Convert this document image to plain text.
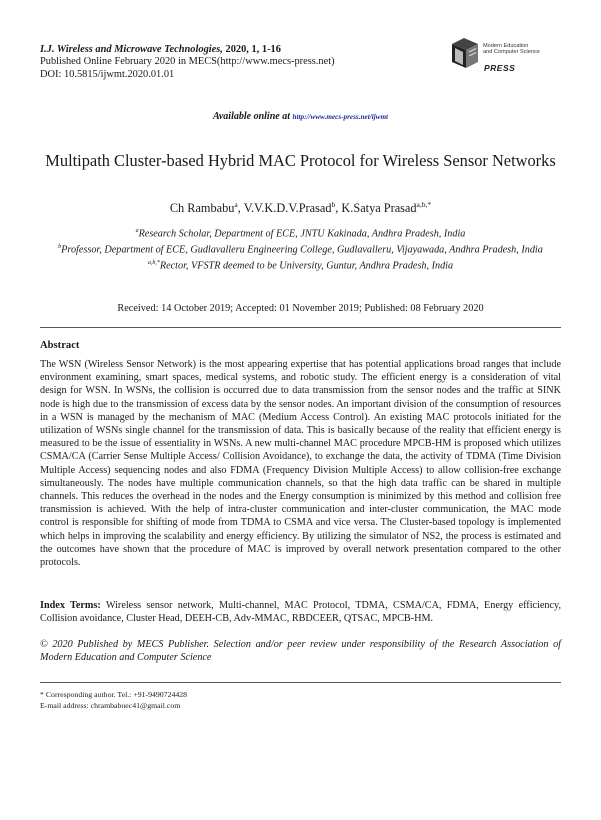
I.J. Wireless and Microwave Technologies, 2020, 1, 1-16
Published Online February 2020 in MECS(http://www.mecs-press.net)
DOI: 10.5815/ijwmt.2020.01.01
Modern Education
and Computer Science
PRESS
Available online at http://www.mecs-press.net/ijwmt
Multipath Cluster-based Hybrid MAC Protocol for Wireless Sensor Networks
Ch Rambabu$^a$, V.V.K.D.V.Prasad$^b$, K.Satya Prasad$^{a,b,*}$
$^a$Research Scholar, Department of ECE, JNTU Kakinada, Andhra Pradesh, India
$^b$Professor, Department of ECE, Gudlavalleru Engineering College, Gudlavalleru, Vijayawada, Andhra Pradesh, India
$^{a,b,*}$Rector, VFSTR deemed to be University, Guntur, Andhra Pradesh, India
Received: 14 October 2019; Accepted: 01 November 2019; Published: 08 February 2020
Abstract
The WSN (Wireless Sensor Network) is the most appearing expertise that has potential applications broad ranges that include environment examining, smart spaces, medical systems, and robotic study. The efficient energy is a consideration of vital design for WSN. In WSNs, the collision is occurred due to data transmission from the sensor nodes and the traffic at SINK node is high due to the transmission of excess data by the sensor nodes. An important division of the consumption of resources in a WSN is managed by the mechanism of MAC (Medium Access Control). An existing MAC protocols initiated for the utilization of WSNs single channel for the transmission of data. This is basically because of the reality that efficient energy is measured to be the issue of essentiality in WSNs. A new multi-channel MAC procedure MPCB-HM is proposed which utilizes CSMA/CA (Carrier Sense Multiple Access/ Collision Avoidance), to exchange the data, the activity of TDMA (Time Division Multiple Access) sequencing nodes and also FDMA (Frequency Division Multiple Access) to allow collision-free exchange simultaneously. The nodes have multiple communication channels, so that the high data traffic can be shared in multiple channels. This reduces the overhead in the nodes and the Energy consumption is minimized by this method and collision free transmission is achieved. With the help of intra-cluster communication and inter-cluster communication, the MAC mode control is responsible for shifting of mode from TDMA to CSMA and vice versa. The Cluster-based topology is implemented which helps in improving the scalability and energy efficiency. By utilizing the simulator of NS2, the process is estimated and the outcomes have shown that the procedure of MAC is improved by overall network presentation compared to the other protocols.
Index Terms: Wireless sensor network, Multi-channel, MAC Protocol, TDMA, CSMA/CA, FDMA, Energy efficiency, Collision avoidance, Cluster Head, DEEH-CB, Adv-MMAC, RBDCEER, QTSAC, MPCB-HM.
© 2020 Published by MECS Publisher. Selection and/or peer review under responsibility of the Research Association of Modern Education and Computer Science
* Corresponding author. Tel.: +91-9490724428
E-mail address: chrambabuec41@gmail.com
